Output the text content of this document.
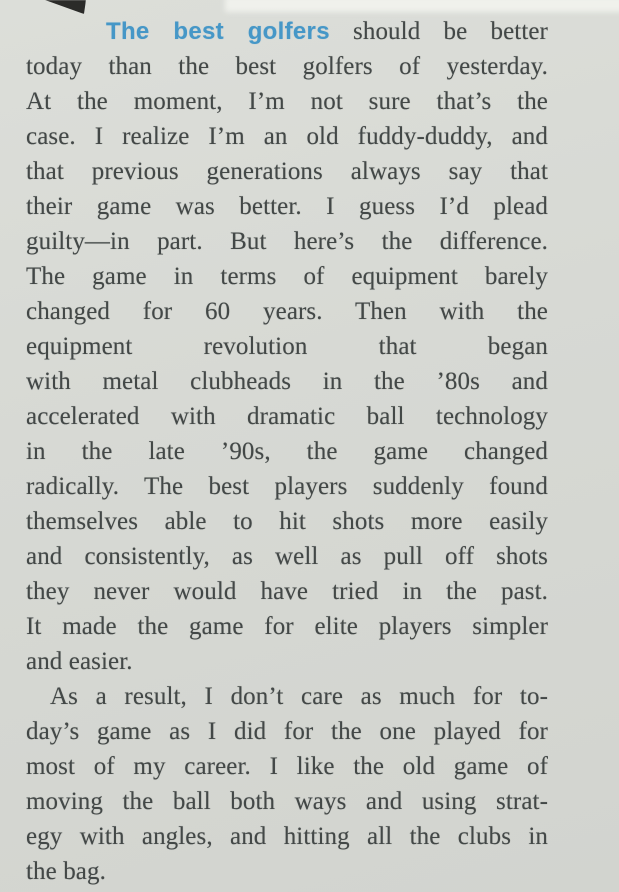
The best golfers should be better
today than the best golfers of yesterday.
At the moment, I’m not sure that’s the
case. I realize I’m an old fuddy-duddy, and
that previous generations always say that
their game was better. I guess I’d plead
guilty—in part. But here’s the difference.
The game in terms of equipment barely
changed for 60 years. Then with the
equipment revolution that began
with metal clubheads in the ’80s and
accelerated with dramatic ball technology
in the late ’90s, the game changed
radically. The best players suddenly found
themselves able to hit shots more easily
and consistently, as well as pull off shots
they never would have tried in the past.
It made the game for elite players simpler
and easier.
As a result, I don’t care as much for to-
day’s game as I did for the one played for
most of my career. I like the old game of
moving the ball both ways and using strat-
egy with angles, and hitting all the clubs in
the bag.
